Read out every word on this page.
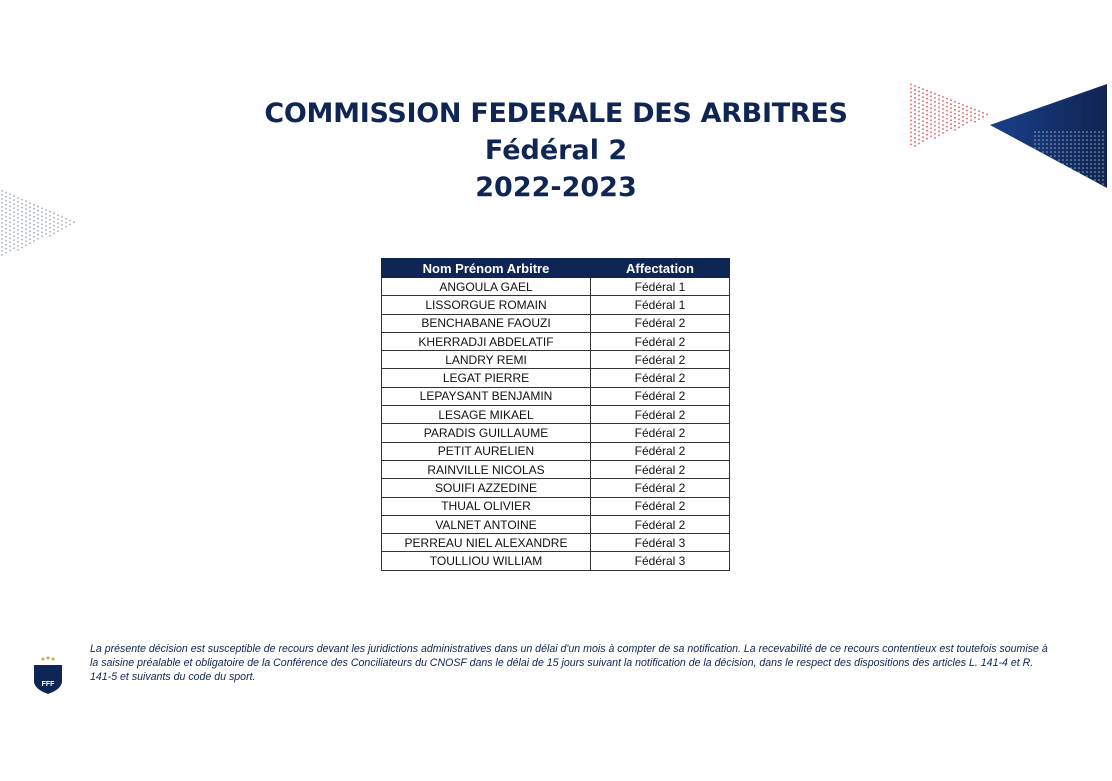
COMMISSION FEDERALE DES ARBITRES
Fédéral 2
2022-2023
Nom Prénom Arbitre	Affectation
ANGOULA GAEL	Fédéral 1
LISSORGUE ROMAIN	Fédéral 1
BENCHABANE FAOUZI	Fédéral 2
KHERRADJI ABDELATIF	Fédéral 2
LANDRY REMI	Fédéral 2
LEGAT PIERRE	Fédéral 2
LEPAYSANT BENJAMIN	Fédéral 2
LESAGE MIKAEL	Fédéral 2
PARADIS GUILLAUME	Fédéral 2
PETIT AURELIEN	Fédéral 2
RAINVILLE NICOLAS	Fédéral 2
SOUIFI AZZEDINE	Fédéral 2
THUAL OLIVIER	Fédéral 2
VALNET ANTOINE	Fédéral 2
PERREAU NIEL ALEXANDRE	Fédéral 3
TOULLIOU WILLIAM	Fédéral 3
FFF
La présente décision est susceptible de recours devant les juridictions administratives dans un délai d'un mois à compter de sa notification. La recevabilité de ce recours contentieux est toutefois soumise à la saisine préalable et obligatoire de la Conférence des Conciliateurs du CNOSF dans le délai de 15 jours suivant la notification de la décision, dans le respect des dispositions des articles L. 141-4 et R. 141-5 et suivants du code du sport.
